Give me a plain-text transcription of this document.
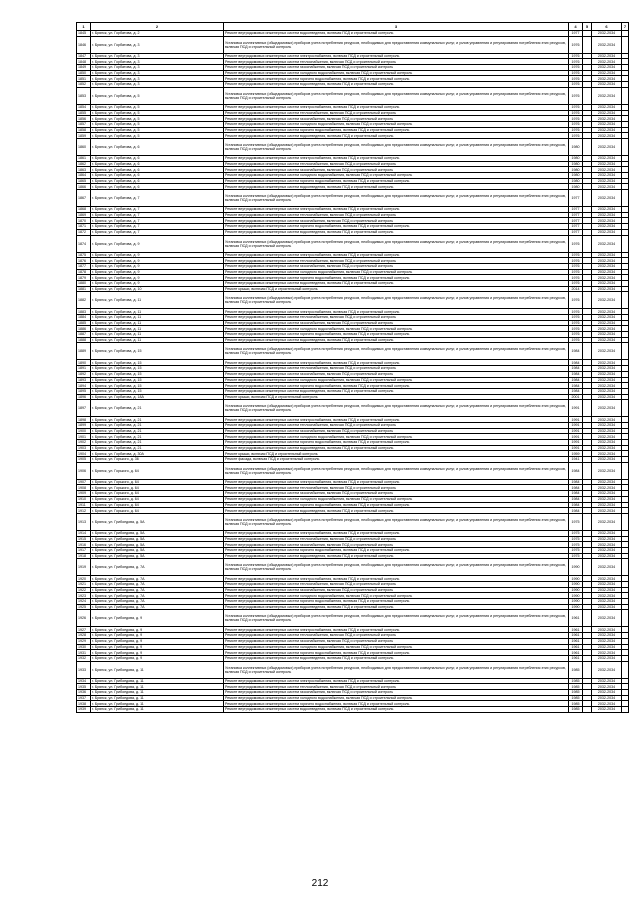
1	2	3	4	5	6	7
1845	г. Брянск, ул. Горбатова, д. 2	Ремонт внутридомовых инженерных систем водоотведения, включая ПСД и строительный контроль	1977		2032-2034	
1846	г. Брянск, ул. Горбатова, д. 3	Установка коллективных (общедомовых) приборов учета потребления ресурсов, необходимых для предоставления коммунальных услуг, и узлов управления и регулирования потребления этих ресурсов, включая ПСД и строительный контроль	1976		2032-2034	
1847	г. Брянск, ул. Горбатова, д. 3	Ремонт внутридомовых инженерных систем электроснабжения, включая ПСД и строительный контроль	1976		2032-2034	
1848	г. Брянск, ул. Горбатова, д. 3	Ремонт внутридомовых инженерных систем теплоснабжения, включая ПСД и строительный контроль	1976		2032-2034	
1849	г. Брянск, ул. Горбатова, д. 3	Ремонт внутридомовых инженерных систем газоснабжения, включая ПСД и строительный контроль	1976		2032-2034	
1850	г. Брянск, ул. Горбатова, д. 3	Ремонт внутридомовых инженерных систем холодного водоснабжения, включая ПСД и строительный контроль	1976		2032-2034	
1851	г. Брянск, ул. Горбатова, д. 3	Ремонт внутридомовых инженерных систем горячего водоснабжения, включая ПСД и строительный контроль	1976		2032-2034	
1852	г. Брянск, ул. Горбатова, д. 3	Ремонт внутридомовых инженерных систем водоотведения, включая ПСД и строительный контроль	1976		2032-2034	
1853	г. Брянск, ул. Горбатова, д. 5	Установка коллективных (общедомовых) приборов учета потребления ресурсов, необходимых для предоставления коммунальных услуг, и узлов управления и регулирования потребления этих ресурсов, включая ПСД и строительный контроль	1976		2032-2034	
1854	г. Брянск, ул. Горбатова, д. 5	Ремонт внутридомовых инженерных систем электроснабжения, включая ПСД и строительный контроль	1976		2032-2034	
1855	г. Брянск, ул. Горбатова, д. 5	Ремонт внутридомовых инженерных систем теплоснабжения, включая ПСД и строительный контроль	1976		2032-2034	
1856	г. Брянск, ул. Горбатова, д. 5	Ремонт внутридомовых инженерных систем газоснабжения, включая ПСД и строительный контроль	1976		2032-2034	
1857	г. Брянск, ул. Горбатова, д. 5	Ремонт внутридомовых инженерных систем холодного водоснабжения, включая ПСД и строительный контроль	1976		2032-2034	
1858	г. Брянск, ул. Горбатова, д. 5	Ремонт внутридомовых инженерных систем горячего водоснабжения, включая ПСД и строительный контроль	1976		2032-2034	
1859	г. Брянск, ул. Горбатова, д. 5	Ремонт внутридомовых инженерных систем водоотведения, включая ПСД и строительный контроль	1976		2032-2034	
1860	г. Брянск, ул. Горбатова, д. 6	Установка коллективных (общедомовых) приборов учета потребления ресурсов, необходимых для предоставления коммунальных услуг, и узлов управления и регулирования потребления этих ресурсов, включая ПСД и строительный контроль	1980		2032-2034	
1861	г. Брянск, ул. Горбатова, д. 6	Ремонт внутридомовых инженерных систем электроснабжения, включая ПСД и строительный контроль	1980		2032-2034	
1862	г. Брянск, ул. Горбатова, д. 6	Ремонт внутридомовых инженерных систем теплоснабжения, включая ПСД и строительный контроль	1980		2032-2034	
1863	г. Брянск, ул. Горбатова, д. 6	Ремонт внутридомовых инженерных систем газоснабжения, включая ПСД и строительный контроль	1980		2032-2034	
1864	г. Брянск, ул. Горбатова, д. 6	Ремонт внутридомовых инженерных систем холодного водоснабжения, включая ПСД и строительный контроль	1980		2032-2034	
1865	г. Брянск, ул. Горбатова, д. 6	Ремонт внутридомовых инженерных систем горячего водоснабжения, включая ПСД и строительный контроль	1980		2032-2034	
1866	г. Брянск, ул. Горбатова, д. 6	Ремонт внутридомовых инженерных систем водоотведения, включая ПСД и строительный контроль	1980		2032-2034	
1867	г. Брянск, ул. Горбатова, д. 7	Установка коллективных (общедомовых) приборов учета потребления ресурсов, необходимых для предоставления коммунальных услуг, и узлов управления и регулирования потребления этих ресурсов, включая ПСД и строительный контроль	1977		2032-2034	
1868	г. Брянск, ул. Горбатова, д. 7	Ремонт внутридомовых инженерных систем электроснабжения, включая ПСД и строительный контроль	1977		2032-2034	
1869	г. Брянск, ул. Горбатова, д. 7	Ремонт внутридомовых инженерных систем теплоснабжения, включая ПСД и строительный контроль	1977		2032-2034	
1870	г. Брянск, ул. Горбатова, д. 7	Ремонт внутридомовых инженерных систем газоснабжения, включая ПСД и строительный контроль	1977		2032-2034	
1871	г. Брянск, ул. Горбатова, д. 7	Ремонт внутридомовых инженерных систем горячего водоснабжения, включая ПСД и строительный контроль	1977		2032-2034	
1872	г. Брянск, ул. Горбатова, д. 7	Ремонт внутридомовых инженерных систем водоотведения, включая ПСД и строительный контроль	1977		2032-2034	
1874	г. Брянск, ул. Горбатова, д. 9	Установка коллективных (общедомовых) приборов учета потребления ресурсов, необходимых для предоставления коммунальных услуг, и узлов управления и регулирования потребления этих ресурсов, включая ПСД и строительный контроль	1976		2032-2034	
1875	г. Брянск, ул. Горбатова, д. 9	Ремонт внутридомовых инженерных систем электроснабжения, включая ПСД и строительный контроль	1976		2032-2034	
1876	г. Брянск, ул. Горбатова, д. 9	Ремонт внутридомовых инженерных систем теплоснабжения, включая ПСД и строительный контроль	1976		2032-2034	
1877	г. Брянск, ул. Горбатова, д. 9	Ремонт внутридомовых инженерных систем газоснабжения, включая ПСД и строительный контроль	1976		2032-2034	
1878	г. Брянск, ул. Горбатова, д. 9	Ремонт внутридомовых инженерных систем холодного водоснабжения, включая ПСД и строительный контроль	1976		2032-2034	
1879	г. Брянск, ул. Горбатова, д. 9	Ремонт внутридомовых инженерных систем горячего водоснабжения, включая ПСД и строительный контроль	1976		2032-2034	
1880	г. Брянск, ул. Горбатова, д. 9	Ремонт внутридомовых инженерных систем водоотведения, включая ПСД и строительный контроль	1976		2032-2034	
1881	г. Брянск, ул. Горбатова, д. 10	Ремонт крыши, включая ПСД и строительный контроль	2014		2032-2034	
1882	г. Брянск, ул. Горбатова, д. 11	Установка коллективных (общедомовых) приборов учета потребления ресурсов, необходимых для предоставления коммунальных услуг, и узлов управления и регулирования потребления этих ресурсов, включая ПСД и строительный контроль	1976		2032-2034	
1883	г. Брянск, ул. Горбатова, д. 11	Ремонт внутридомовых инженерных систем электроснабжения, включая ПСД и строительный контроль	1976		2032-2034	
1884	г. Брянск, ул. Горбатова, д. 11	Ремонт внутридомовых инженерных систем теплоснабжения, включая ПСД и строительный контроль	1976		2032-2034	
1885	г. Брянск, ул. Горбатова, д. 11	Ремонт внутридомовых инженерных систем газоснабжения, включая ПСД и строительный контроль	1976		2032-2034	
1886	г. Брянск, ул. Горбатова, д. 11	Ремонт внутридомовых инженерных систем холодного водоснабжения, включая ПСД и строительный контроль	1976		2032-2034	
1887	г. Брянск, ул. Горбатова, д. 11	Ремонт внутридомовых инженерных систем горячего водоснабжения, включая ПСД и строительный контроль	1976		2032-2034	
1888	г. Брянск, ул. Горбатова, д. 11	Ремонт внутридомовых инженерных систем водоотведения, включая ПСД и строительный контроль	1976		2032-2034	
1889	г. Брянск, ул. Горбатова, д. 15	Установка коллективных (общедомовых) приборов учета потребления ресурсов, необходимых для предоставления коммунальных услуг, и узлов управления и регулирования потребления этих ресурсов, включая ПСД и строительный контроль	1984		2032-2034	
1890	г. Брянск, ул. Горбатова, д. 15	Ремонт внутридомовых инженерных систем электроснабжения, включая ПСД и строительный контроль	1984		2032-2034	
1891	г. Брянск, ул. Горбатова, д. 15	Ремонт внутридомовых инженерных систем теплоснабжения, включая ПСД и строительный контроль	1984		2032-2034	
1892	г. Брянск, ул. Горбатова, д. 15	Ремонт внутридомовых инженерных систем газоснабжения, включая ПСД и строительный контроль	1984		2032-2034	
1893	г. Брянск, ул. Горбатова, д. 15	Ремонт внутридомовых инженерных систем холодного водоснабжения, включая ПСД и строительный контроль	1984		2032-2034	
1894	г. Брянск, ул. Горбатова, д. 15	Ремонт внутридомовых инженерных систем горячего водоснабжения, включая ПСД и строительный контроль	1984		2032-2034	
1895	г. Брянск, ул. Горбатова, д. 15	Ремонт внутридомовых инженерных систем водоотведения, включая ПСД и строительный контроль	1984		2032-2034	
1896	г. Брянск, ул. Горбатова, д. 18А	Ремонт крыши, включая ПСД и строительный контроль	2001		2032-2034	
1897	г. Брянск, ул. Горбатова, д. 21	Установка коллективных (общедомовых) приборов учета потребления ресурсов, необходимых для предоставления коммунальных услуг, и узлов управления и регулирования потребления этих ресурсов, включая ПСД и строительный контроль	1991		2032-2034	
1898	г. Брянск, ул. Горбатова, д. 21	Ремонт внутридомовых инженерных систем электроснабжения, включая ПСД и строительный контроль	1991		2032-2034	
1899	г. Брянск, ул. Горбатова, д. 21	Ремонт внутридомовых инженерных систем теплоснабжения, включая ПСД и строительный контроль	1991		2032-2034	
1900	г. Брянск, ул. Горбатова, д. 21	Ремонт внутридомовых инженерных систем газоснабжения, включая ПСД и строительный контроль	1991		2032-2034	
1901	г. Брянск, ул. Горбатова, д. 21	Ремонт внутридомовых инженерных систем холодного водоснабжения, включая ПСД и строительный контроль	1991		2032-2034	
1902	г. Брянск, ул. Горбатова, д. 21	Ремонт внутридомовых инженерных систем горячего водоснабжения, включая ПСД и строительный контроль	1991		2032-2034	
1903	г. Брянск, ул. Горбатова, д. 21	Ремонт внутридомовых инженерных систем водоотведения, включая ПСД и строительный контроль	1991		2032-2034	
1904	г. Брянск, ул. Горбатова, д. 30А	Ремонт крыши, включая ПСД и строительный контроль	1959		2032-2034	
1905	г. Брянск, ул. Горького, д. 36	Ремонт фасада, включая ПСД и строительный контроль	1941		2032-2034	
1906	г. Брянск, ул. Горького, д. 64	Установка коллективных (общедомовых) приборов учета потребления ресурсов, необходимых для предоставления коммунальных услуг, и узлов управления и регулирования потребления этих ресурсов, включая ПСД и строительный контроль	1984		2032-2034	
1907	г. Брянск, ул. Горького, д. 64	Ремонт внутридомовых инженерных систем электроснабжения, включая ПСД и строительный контроль	1984		2032-2034	
1908	г. Брянск, ул. Горького, д. 64	Ремонт внутридомовых инженерных систем теплоснабжения, включая ПСД и строительный контроль	1984		2032-2034	
1909	г. Брянск, ул. Горького, д. 64	Ремонт внутридомовых инженерных систем газоснабжения, включая ПСД и строительный контроль	1984		2032-2034	
1910	г. Брянск, ул. Горького, д. 64	Ремонт внутридомовых инженерных систем холодного водоснабжения, включая ПСД и строительный контроль	1984		2032-2034	
1911	г. Брянск, ул. Горького, д. 64	Ремонт внутридомовых инженерных систем горячего водоснабжения, включая ПСД и строительный контроль	1984		2032-2034	
1912	г. Брянск, ул. Горького, д. 64	Ремонт внутридомовых инженерных систем водоотведения, включая ПСД и строительный контроль	1984		2032-2034	
1913	г. Брянск, ул. Грибоедова, д. 5А	Установка коллективных (общедомовых) приборов учета потребления ресурсов, необходимых для предоставления коммунальных услуг, и узлов управления и регулирования потребления этих ресурсов, включая ПСД и строительный контроль	1975		2032-2034	
1914	г. Брянск, ул. Грибоедова, д. 5А	Ремонт внутридомовых инженерных систем электроснабжения, включая ПСД и строительный контроль	1975		2032-2034	
1915	г. Брянск, ул. Грибоедова, д. 5А	Ремонт внутридомовых инженерных систем теплоснабжения, включая ПСД и строительный контроль	1975		2032-2034	
1916	г. Брянск, ул. Грибоедова, д. 5А	Ремонт внутридомовых инженерных систем газоснабжения, включая ПСД и строительный контроль	1975		2032-2034	
1917	г. Брянск, ул. Грибоедова, д. 5А	Ремонт внутридомовых инженерных систем горячего водоснабжения, включая ПСД и строительный контроль	1975		2032-2034	
1918	г. Брянск, ул. Грибоедова, д. 5А	Ремонт внутридомовых инженерных систем водоотведения, включая ПСД и строительный контроль	1975		2032-2034	
1919	г. Брянск, ул. Грибоедова, д. 7А	Установка коллективных (общедомовых) приборов учета потребления ресурсов, необходимых для предоставления коммунальных услуг, и узлов управления и регулирования потребления этих ресурсов, включая ПСД и строительный контроль	1990		2032-2034	
1920	г. Брянск, ул. Грибоедова, д. 7А	Ремонт внутридомовых инженерных систем электроснабжения, включая ПСД и строительный контроль	1990		2032-2034	
1921	г. Брянск, ул. Грибоедова, д. 7А	Ремонт внутридомовых инженерных систем теплоснабжения, включая ПСД и строительный контроль	1990		2032-2034	
1922	г. Брянск, ул. Грибоедова, д. 7А	Ремонт внутридомовых инженерных систем газоснабжения, включая ПСД и строительный контроль	1990		2032-2034	
1923	г. Брянск, ул. Грибоедова, д. 7А	Ремонт внутридомовых инженерных систем холодного водоснабжения, включая ПСД и строительный контроль	1990		2032-2034	
1924	г. Брянск, ул. Грибоедова, д. 7А	Ремонт внутридомовых инженерных систем горячего водоснабжения, включая ПСД и строительный контроль	1990		2032-2034	
1925	г. Брянск, ул. Грибоедова, д. 7А	Ремонт внутридомовых инженерных систем водоотведения, включая ПСД и строительный контроль	1990		2032-2034	
1926	г. Брянск, ул. Грибоедова, д. 9	Установка коллективных (общедомовых) приборов учета потребления ресурсов, необходимых для предоставления коммунальных услуг, и узлов управления и регулирования потребления этих ресурсов, включая ПСД и строительный контроль	1961		2032-2034	
1927	г. Брянск, ул. Грибоедова, д. 9	Ремонт внутридомовых инженерных систем электроснабжения, включая ПСД и строительный контроль	1961		2032-2034	
1928	г. Брянск, ул. Грибоедова, д. 9	Ремонт внутридомовых инженерных систем теплоснабжения, включая ПСД и строительный контроль	1961		2032-2034	
1929	г. Брянск, ул. Грибоедова, д. 9	Ремонт внутридомовых инженерных систем газоснабжения, включая ПСД и строительный контроль	1961		2032-2034	
1930	г. Брянск, ул. Грибоедова, д. 9	Ремонт внутридомовых инженерных систем холодного водоснабжения, включая ПСД и строительный контроль	1961		2032-2034	
1931	г. Брянск, ул. Грибоедова, д. 9	Ремонт внутридомовых инженерных систем горячего водоснабжения, включая ПСД и строительный контроль	1961		2032-2034	
1932	г. Брянск, ул. Грибоедова, д. 9	Ремонт внутридомовых инженерных систем водоотведения, включая ПСД и строительный контроль	1961		2032-2034	
1933	г. Брянск, ул. Грибоедова, д. 11	Установка коллективных (общедомовых) приборов учета потребления ресурсов, необходимых для предоставления коммунальных услуг, и узлов управления и регулирования потребления этих ресурсов, включая ПСД и строительный контроль	1985		2032-2034	
1934	г. Брянск, ул. Грибоедова, д. 11	Ремонт внутридомовых инженерных систем электроснабжения, включая ПСД и строительный контроль	1985		2032-2034	
1935	г. Брянск, ул. Грибоедова, д. 11	Ремонт внутридомовых инженерных систем теплоснабжения, включая ПСД и строительный контроль	1985		2032-2034	
1936	г. Брянск, ул. Грибоедова, д. 11	Ремонт внутридомовых инженерных систем газоснабжения, включая ПСД и строительный контроль	1985		2032-2034	
1937	г. Брянск, ул. Грибоедова, д. 11	Ремонт внутридомовых инженерных систем холодного водоснабжения, включая ПСД и строительный контроль	1985		2032-2034	
1938	г. Брянск, ул. Грибоедова, д. 11	Ремонт внутридомовых инженерных систем горячего водоснабжения, включая ПСД и строительный контроль	1985		2032-2034	
1939	г. Брянск, ул. Грибоедова, д. 11	Ремонт внутридомовых инженерных систем водоотведения, включая ПСД и строительный контроль	1985		2032-2034	
212
